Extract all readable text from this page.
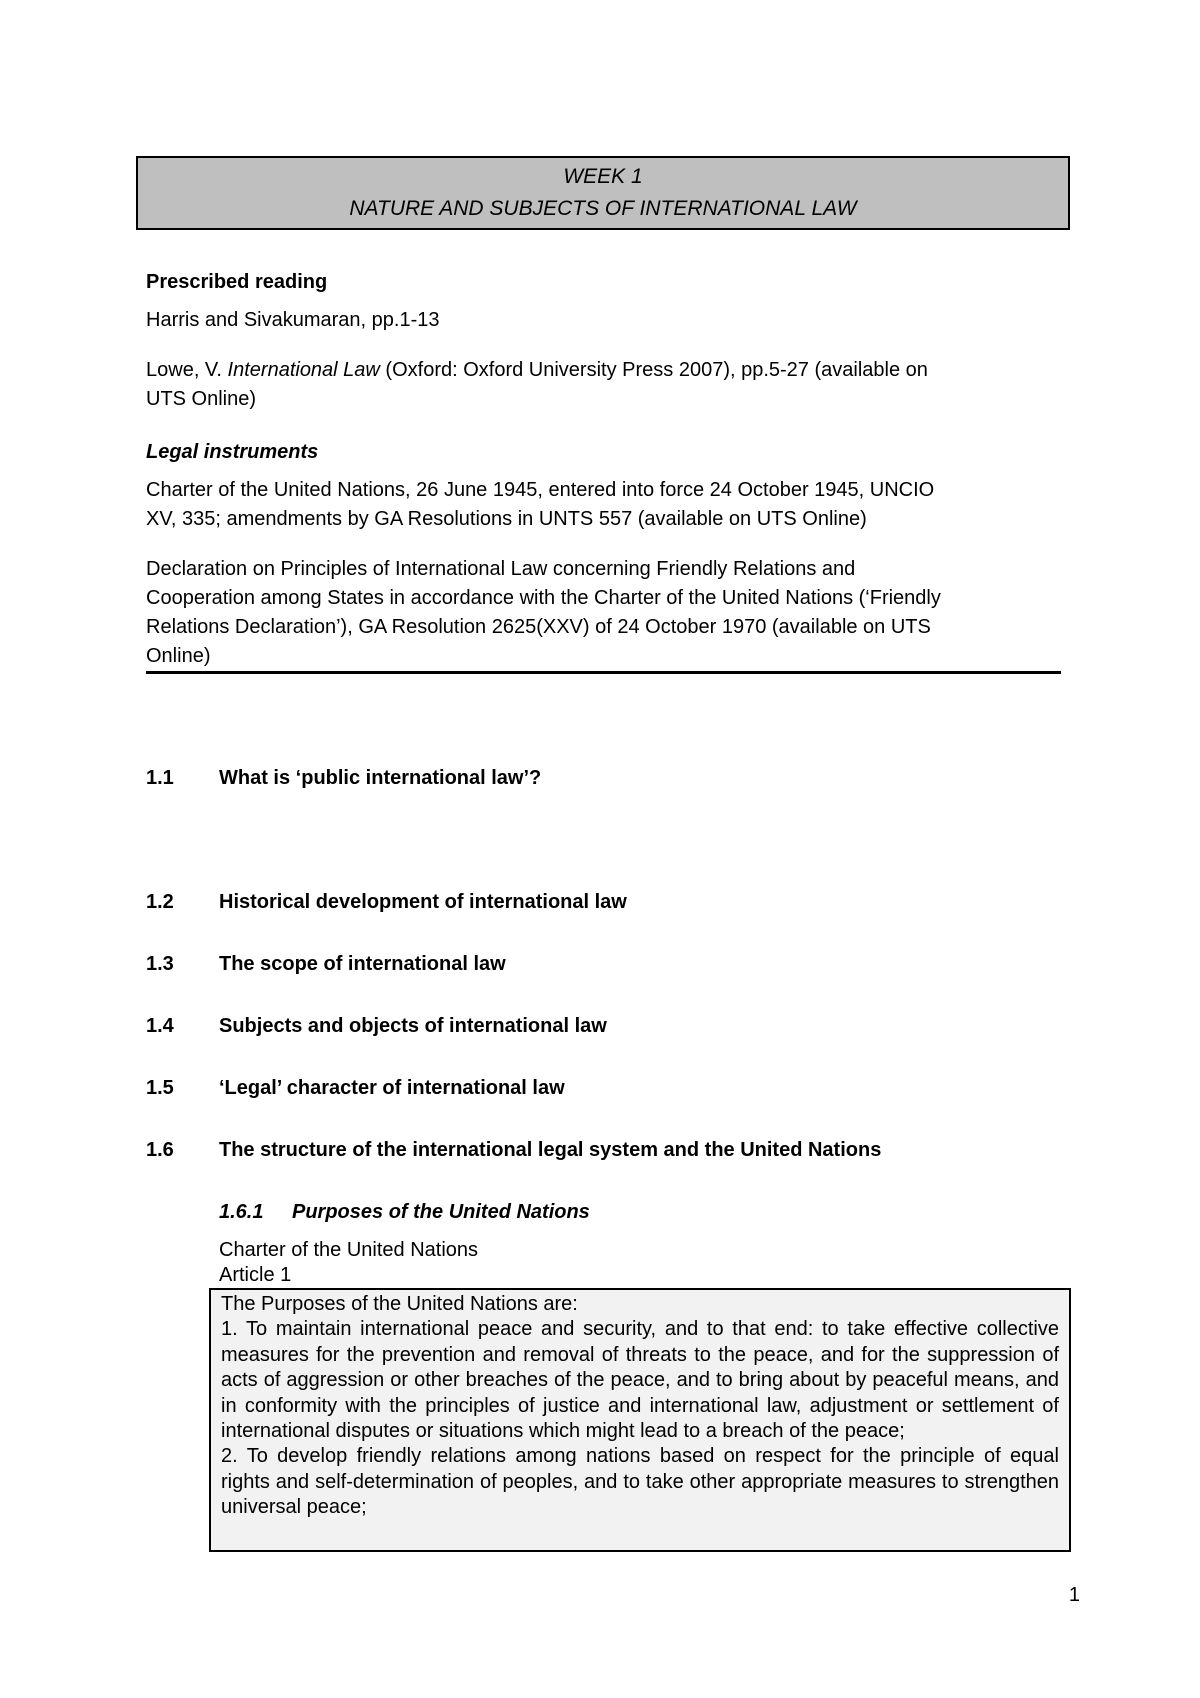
WEEK 1
NATURE AND SUBJECTS OF INTERNATIONAL LAW
Prescribed reading
Harris and Sivakumaran, pp.1-13
Lowe, V. International Law (Oxford: Oxford University Press 2007), pp.5-27 (available on
UTS Online)
Legal instruments
Charter of the United Nations, 26 June 1945, entered into force 24 October 1945, UNCIO
XV, 335; amendments by GA Resolutions in UNTS 557 (available on UTS Online)
Declaration on Principles of International Law concerning Friendly Relations and
Cooperation among States in accordance with the Charter of the United Nations (‘Friendly
Relations Declaration’), GA Resolution 2625(XXV) of 24 October 1970 (available on UTS
Online)
1.1 What is ‘public international law’?
1.2 Historical development of international law
1.3 The scope of international law
1.4 Subjects and objects of international law
1.5 ‘Legal’ character of international law
1.6 The structure of the international legal system and the United Nations
1.6.1 Purposes of the United Nations
Charter of the United Nations
Article 1

The Purposes of the United Nations are:

1. To maintain international peace and security, and to that end: to take effective collective measures for the prevention and removal of threats to the peace, and for the suppression of acts of aggression or other breaches of the peace, and to bring about by peaceful means, and in conformity with the principles of justice and international law, adjustment or settlement of international disputes or situations which might lead to a breach of the peace;

2. To develop friendly relations among nations based on respect for the principle of equal rights and self-determination of peoples, and to take other appropriate measures to strengthen universal peace;

1
